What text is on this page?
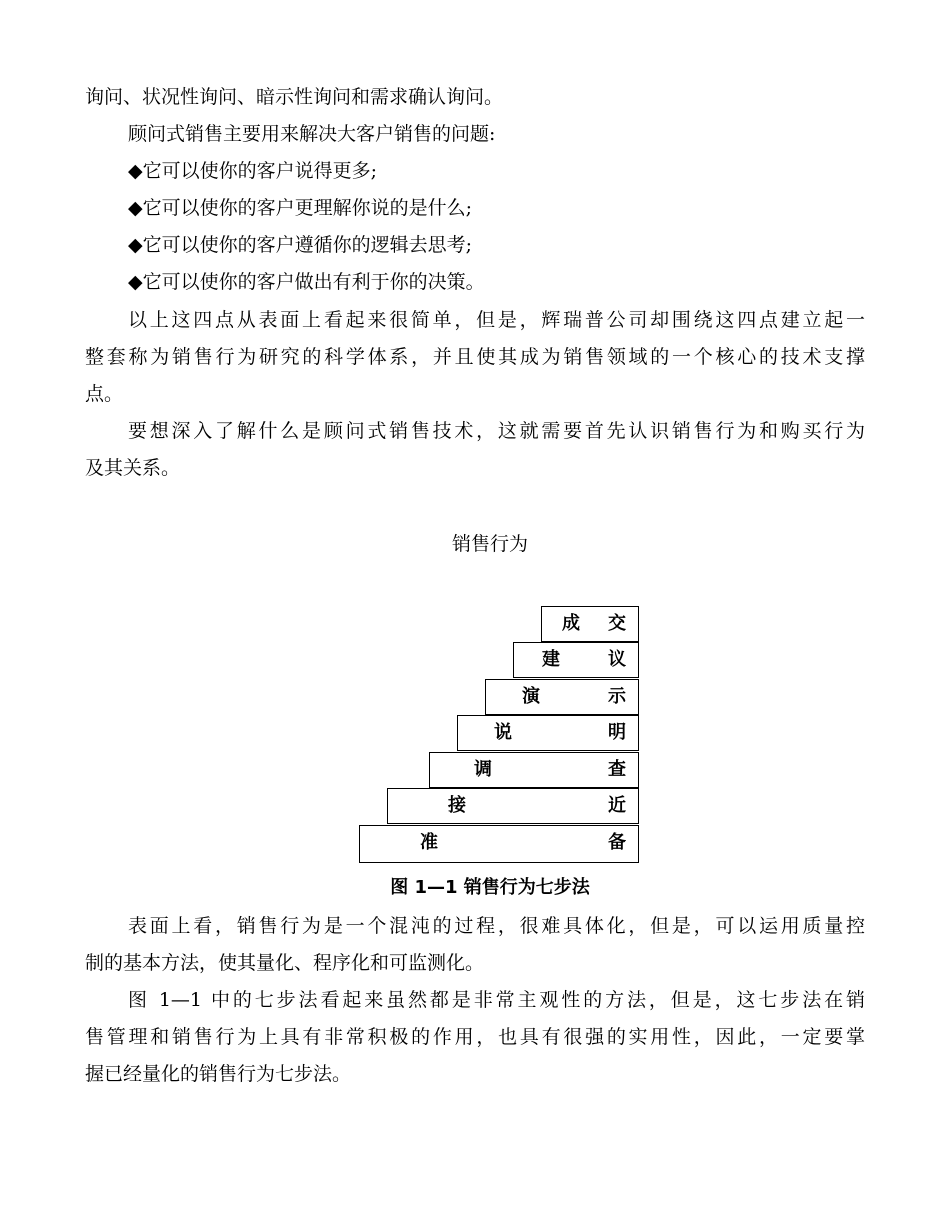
询问、状况性询问、暗示性询问和需求确认询问。
顾问式销售主要用来解决大客户销售的问题:
◆它可以使你的客户说得更多;
◆它可以使你的客户更理解你说的是什么;
◆它可以使你的客户遵循你的逻辑去思考;
◆它可以使你的客户做出有利于你的决策。
以上这四点从表面上看起来很简单，但是，辉瑞普公司却围绕这四点建立起一
整套称为销售行为研究的科学体系，并且使其成为销售领域的一个核心的技术支撑
点。
要想深入了解什么是顾问式销售技术，这就需要首先认识销售行为和购买行为
及其关系。
销售行为
成 交
建	议
演	示
说	明
调	查
接	近
准	备
图 1—1 销售行为七步法
表面上看，销售行为是一个混沌的过程，很难具体化，但是，可以运用质量控
制的基本方法，使其量化、程序化和可监测化。
图 1—1 中的七步法看起来虽然都是非常主观性的方法，但是，这七步法在销
售管理和销售行为上具有非常积极的作用，也具有很强的实用性，因此，一定要掌
握已经量化的销售行为七步法。
